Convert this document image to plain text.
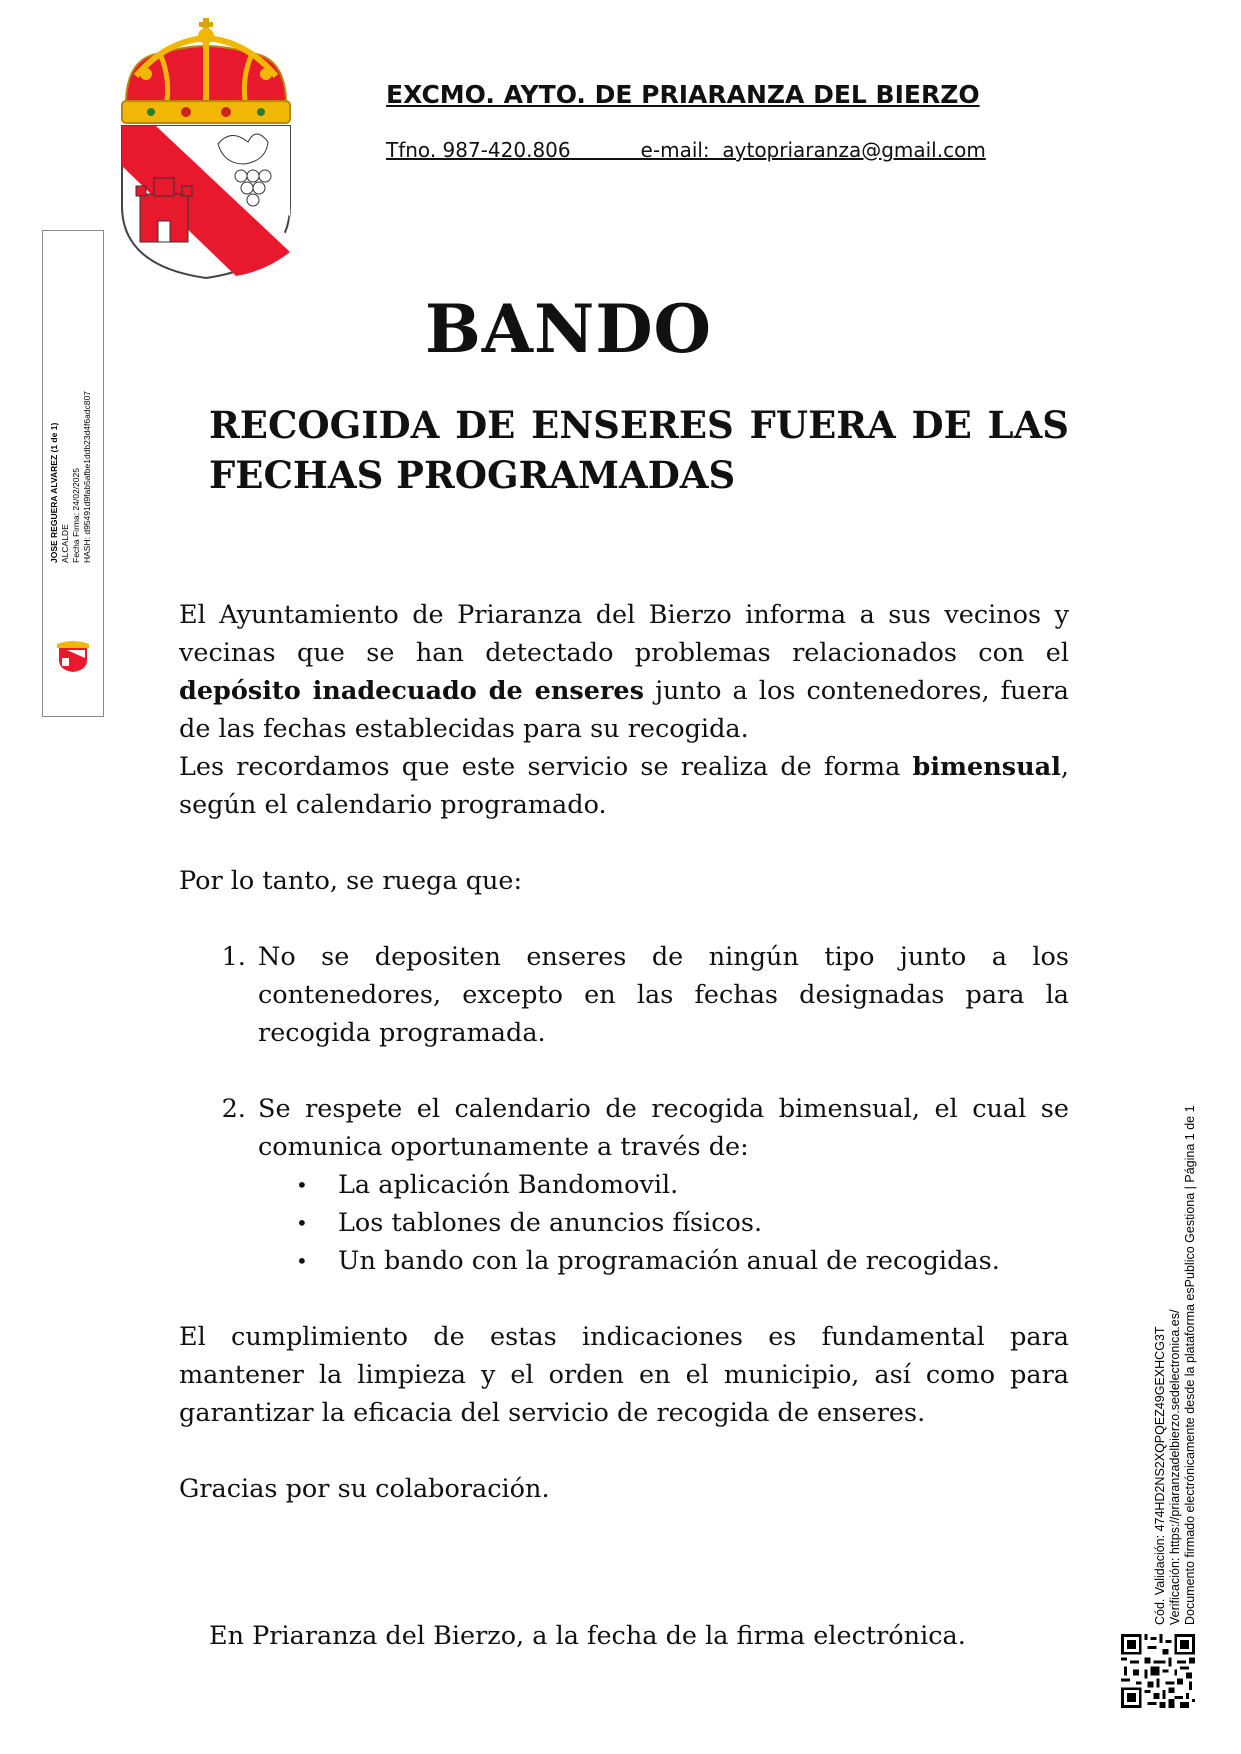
EXCMO. AYTO. DE PRIARANZA DEL BIERZO
Tfno. 987-420.806           e-mail:  aytopriaranza@gmail.com
BANDO
RECOGIDA DE ENSERES FUERA DE LAS FECHAS PROGRAMADAS

El Ayuntamiento de Priaranza del Bierzo informa a sus vecinos y vecinas que se han detectado problemas relacionados con el depósito inadecuado de enseres junto a los contenedores, fuera de las fechas establecidas para su recogida.

Les recordamos que este servicio se realiza de forma bimensual, según el calendario programado.

Por lo tanto, se ruega que:

1. No se depositen enseres de ningún tipo junto a los contenedores, excepto en las fechas designadas para la recogida programada.
2. Se respete el calendario de recogida bimensual, el cual se comunica oportunamente a través de:
• La aplicación Bandomovil.
• Los tablones de anuncios físicos.
• Un bando con la programación anual de recogidas.

El cumplimiento de estas indicaciones es fundamental para mantener la limpieza y el orden en el municipio, así como para garantizar la eficacia del servicio de recogida de enseres.

Gracias por su colaboración.

En Priaranza del Bierzo, a la fecha de la firma electrónica.
JOSE REGUERA ALVAREZ (1 de 1) ALCALDE Fecha Firma: 24/02/2025 HASH: d95491d9fab5afbe1ddb23d4f6adc807
Cód. Validación: 474HD2NS2XQPQEZ49GEXHCG3T Verificación: https://priaranzadelbierzo.sedelectronica.es/ Documento firmado electrónicamente desde la plataforma esPublico Gestiona | Página 1 de 1
